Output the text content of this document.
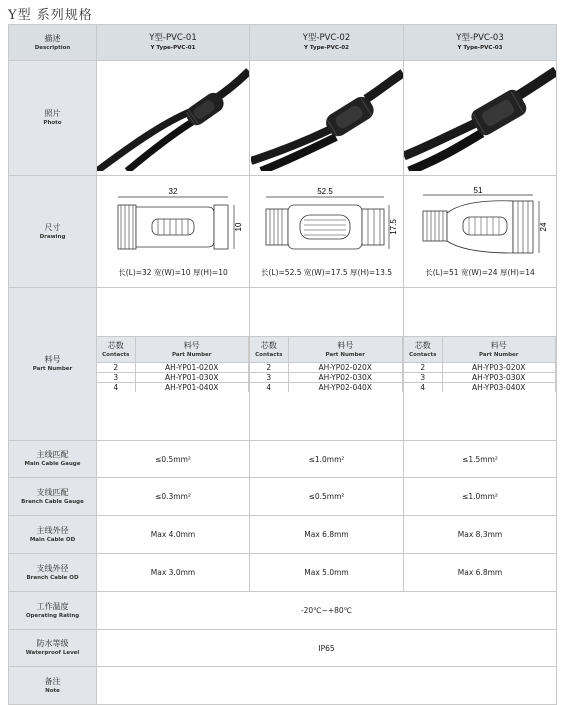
Y型 系列规格
描述
Description

Y型-PVC-01
Y Type-PVC-01

Y型-PVC-02
Y Type-PVC-02

Y型-PVC-03
Y Type-PVC-03

照片
Photo

尺寸
Drawing

32
10
长(L)=32 宽(W)=10 厚(H)=10

52.5
17.5
长(L)=52.5 宽(W)=17.5 厚(H)=13.5

51
24
长(L)=51 宽(W)=24 厚(H)=14

料号
Part Number

芯数
Contacts

料号
Part Number

2	AH-YP01-020X
3	AH-YP01-030X
4	AH-YP01-040X

芯数
Contacts

料号
Part Number

2	AH-YP02-020X
3	AH-YP02-030X
4	AH-YP02-040X

芯数
Contacts

料号
Part Number

2	AH-YP03-020X
3	AH-YP03-030X
4	AH-YP03-040X

主线匹配
Main Cable Gauge
	≤0.5mm²	≤1.0mm²	≤1.5mm²

支线匹配
Branch Cable Gauge
	≤0.3mm²	≤0.5mm²	≤1.0mm²

主线外径
Main Cable OD
	Max 4.0mm	Max 6.8mm	Max 8.3mm

支线外径
Branch Cable OD
	Max 3.0mm	Max 5.0mm	Max 6.8mm

工作温度
Operating Rating
	-20℃~+80℃

防水等级
Waterproof Level
	IP65

备注
Note
